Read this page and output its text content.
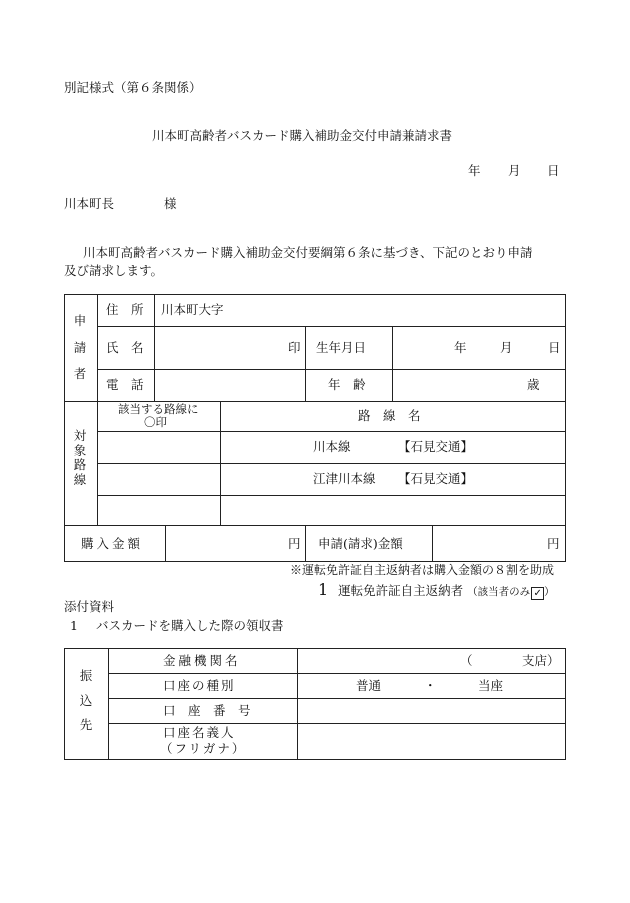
別記様式（第６条関係）
川本町高齢者バスカード購入補助金交付申請兼請求書
年 月 日
川本町長	様
川本町高齢者バスカード購入補助金交付要綱第６条に基づき、下記のとおり申請
及び請求します。
申
請
者
住　所 川本町大字
氏　名	印 生年月日	年	月	日
電　話	年　齢	歳
対
象
路
線
該当する路線に
〇印	路　線　名
川本線	【石見交通】
江津川本線 【石見交通】
購入金額	円 申請(請求)金額	円
※運転免許証自主返納者は購入金額の８割を助成
1 運転免許証自主返納者 （該当者のみ ✓ ）
添付資料
1 バスカードを購入した際の領収書
振
込
先
金融機関名	（	支店）
口座の種別	普通	・	当座
口　座　番　号
口座名義人
（フリガナ）
